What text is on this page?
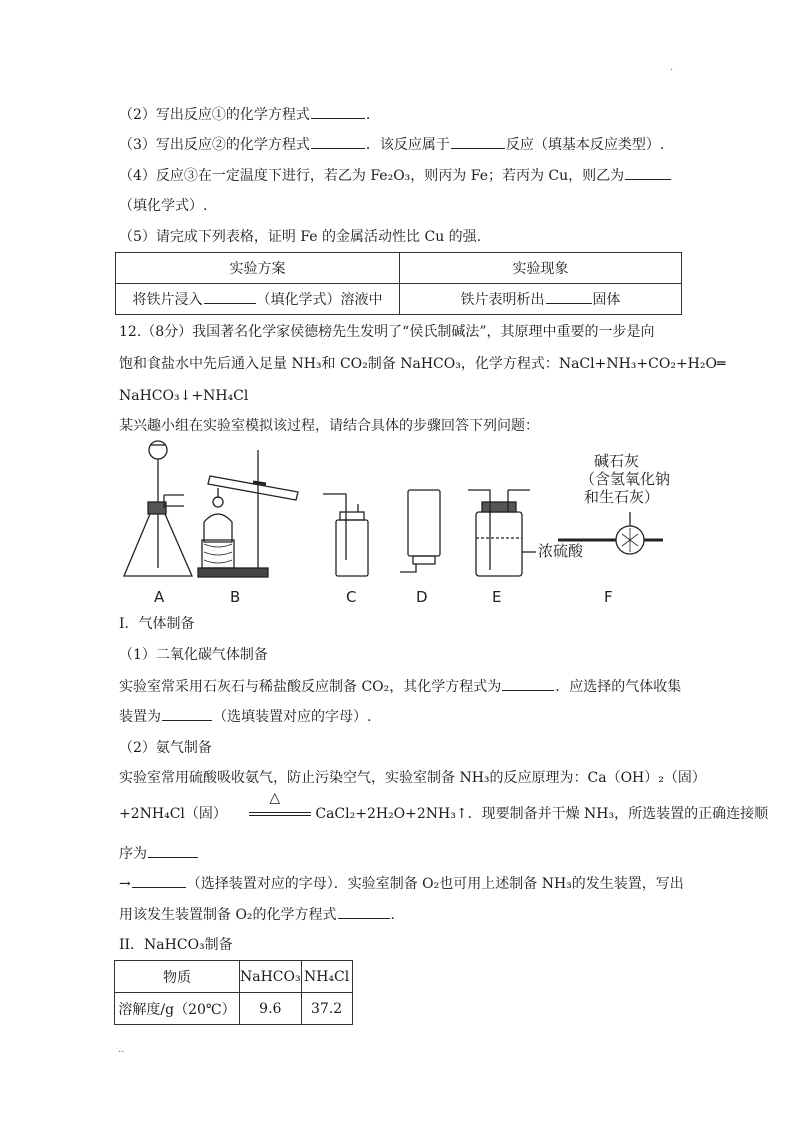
.
（2）写出反应①的化学方程式	.
（3）写出反应②的化学方程式	．该反应属于	反应（填基本反应类型）.
（4）反应③在一定温度下进行，若乙为 Fe₂O₃，则丙为 Fe；若丙为 Cu，则乙为
（填化学式）.
（5）请完成下列表格，证明 Fe 的金属活动性比 Cu 的强.
实验方案	实验现象
将铁片浸入 （填化学式）溶液中	铁片表明析出 固体
12.（8分）我国著名化学家侯德榜先生发明了“侯氏制碱法”，其原理中重要的一步是向
饱和食盐水中先后通入足量 NH₃和 CO₂制备 NaHCO₃，化学方程式：NaCl+NH₃+CO₂+H₂O═
NaHCO₃↓+NH₄Cl
某兴趣小组在实验室模拟该过程，请结合具体的步骤回答下列问题：
A	B	C	D	E	F
浓硫酸
碱石灰
（含氢氧化钠
和生石灰）
I．气体制备
（1）二氧化碳气体制备
实验室常采用石灰石与稀盐酸反应制备 CO₂，其化学方程式为	．应选择的气体收集
装置为	（选填装置对应的字母）.
（2）氨气制备
实验室常用硫酸吸收氨气，防止污染空气，实验室制备 NH₃的反应原理为：Ca（OH）₂（固）
+2NH₄Cl（固）
△
CaCl₂+2H₂O+2NH₃↑．现要制备并干燥 NH₃，所选装置的正确连接顺
序为
→	（选择装置对应的字母）．实验室制备 O₂也可用上述制备 NH₃的发生装置，写出
用该发生装置制备 O₂的化学方程式	.
II．NaHCO₃制备
物质	NaHCO₃	NH₄Cl
溶解度/g（20℃）	9.6	37.2
..
